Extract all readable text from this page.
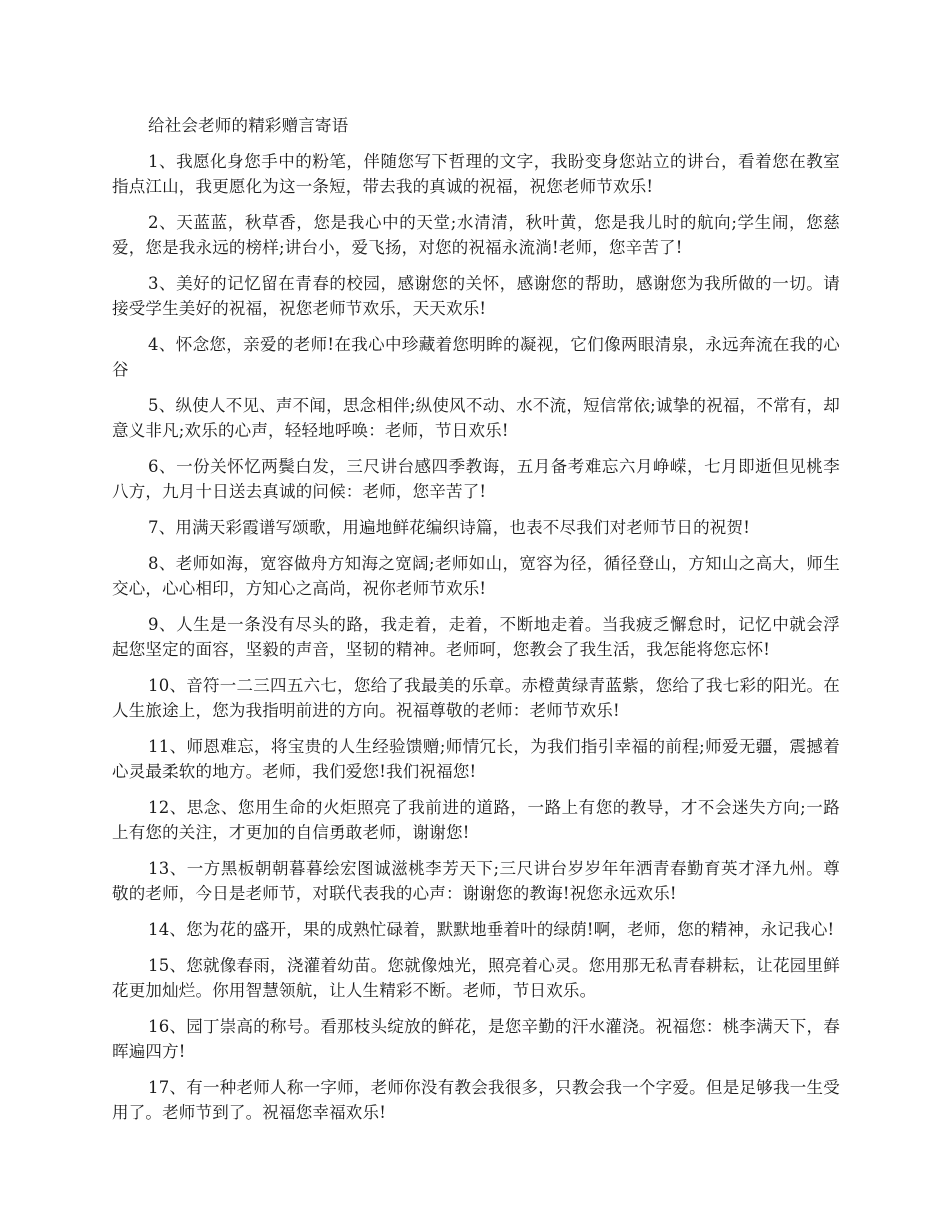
给社会老师的精彩赠言寄语

1、我愿化身您手中的粉笔，伴随您写下哲理的文字，我盼变身您站立的讲台，看着您在教室指点江山，我更愿化为这一条短，带去我的真诚的祝福，祝您老师节欢乐!

2、天蓝蓝，秋草香，您是我心中的天堂;水清清，秋叶黄，您是我儿时的航向;学生闹，您慈爱，您是我永远的榜样;讲台小，爱飞扬，对您的祝福永流淌!老师，您辛苦了!

3、美好的记忆留在青春的校园，感谢您的关怀，感谢您的帮助，感谢您为我所做的一切。请接受学生美好的祝福，祝您老师节欢乐，天天欢乐!

4、怀念您，亲爱的老师!在我心中珍藏着您明眸的凝视，它们像两眼清泉，永远奔流在我的心谷

5、纵使人不见、声不闻，思念相伴;纵使风不动、水不流，短信常依;诚挚的祝福，不常有，却意义非凡;欢乐的心声，轻轻地呼唤：老师，节日欢乐!

6、一份关怀忆两鬓白发，三尺讲台感四季教诲，五月备考难忘六月峥嵘，七月即逝但见桃李八方，九月十日送去真诚的问候：老师，您辛苦了!

7、用满天彩霞谱写颂歌，用遍地鲜花编织诗篇，也表不尽我们对老师节日的祝贺!

8、老师如海，宽容做舟方知海之宽阔;老师如山，宽容为径，循径登山，方知山之高大，师生交心，心心相印，方知心之高尚，祝你老师节欢乐!

9、人生是一条没有尽头的路，我走着，走着，不断地走着。当我疲乏懈怠时，记忆中就会浮起您坚定的面容，坚毅的声音，坚韧的精神。老师呵，您教会了我生活，我怎能将您忘怀!

10、音符一二三四五六七，您给了我最美的乐章。赤橙黄绿青蓝紫，您给了我七彩的阳光。在人生旅途上，您为我指明前进的方向。祝福尊敬的老师：老师节欢乐!

11、师恩难忘，将宝贵的人生经验馈赠;师情冗长，为我们指引幸福的前程;师爱无疆，震撼着心灵最柔软的地方。老师，我们爱您!我们祝福您!

12、思念、您用生命的火炬照亮了我前进的道路，一路上有您的教导，才不会迷失方向;一路上有您的关注，才更加的自信勇敢老师，谢谢您!

13、一方黑板朝朝暮暮绘宏图诚滋桃李芳天下;三尺讲台岁岁年年洒青春勤育英才泽九州。尊敬的老师，今日是老师节，对联代表我的心声：谢谢您的教诲!祝您永远欢乐!

14、您为花的盛开，果的成熟忙碌着，默默地垂着叶的绿荫!啊，老师，您的精神，永记我心!

15、您就像春雨，浇灌着幼苗。您就像烛光，照亮着心灵。您用那无私青春耕耘，让花园里鲜花更加灿烂。你用智慧领航，让人生精彩不断。老师，节日欢乐。

16、园丁崇高的称号。看那枝头绽放的鲜花，是您辛勤的汗水灌浇。祝福您：桃李满天下，春晖遍四方!

17、有一种老师人称一字师，老师你没有教会我很多，只教会我一个字爱。但是足够我一生受用了。老师节到了。祝福您幸福欢乐!
